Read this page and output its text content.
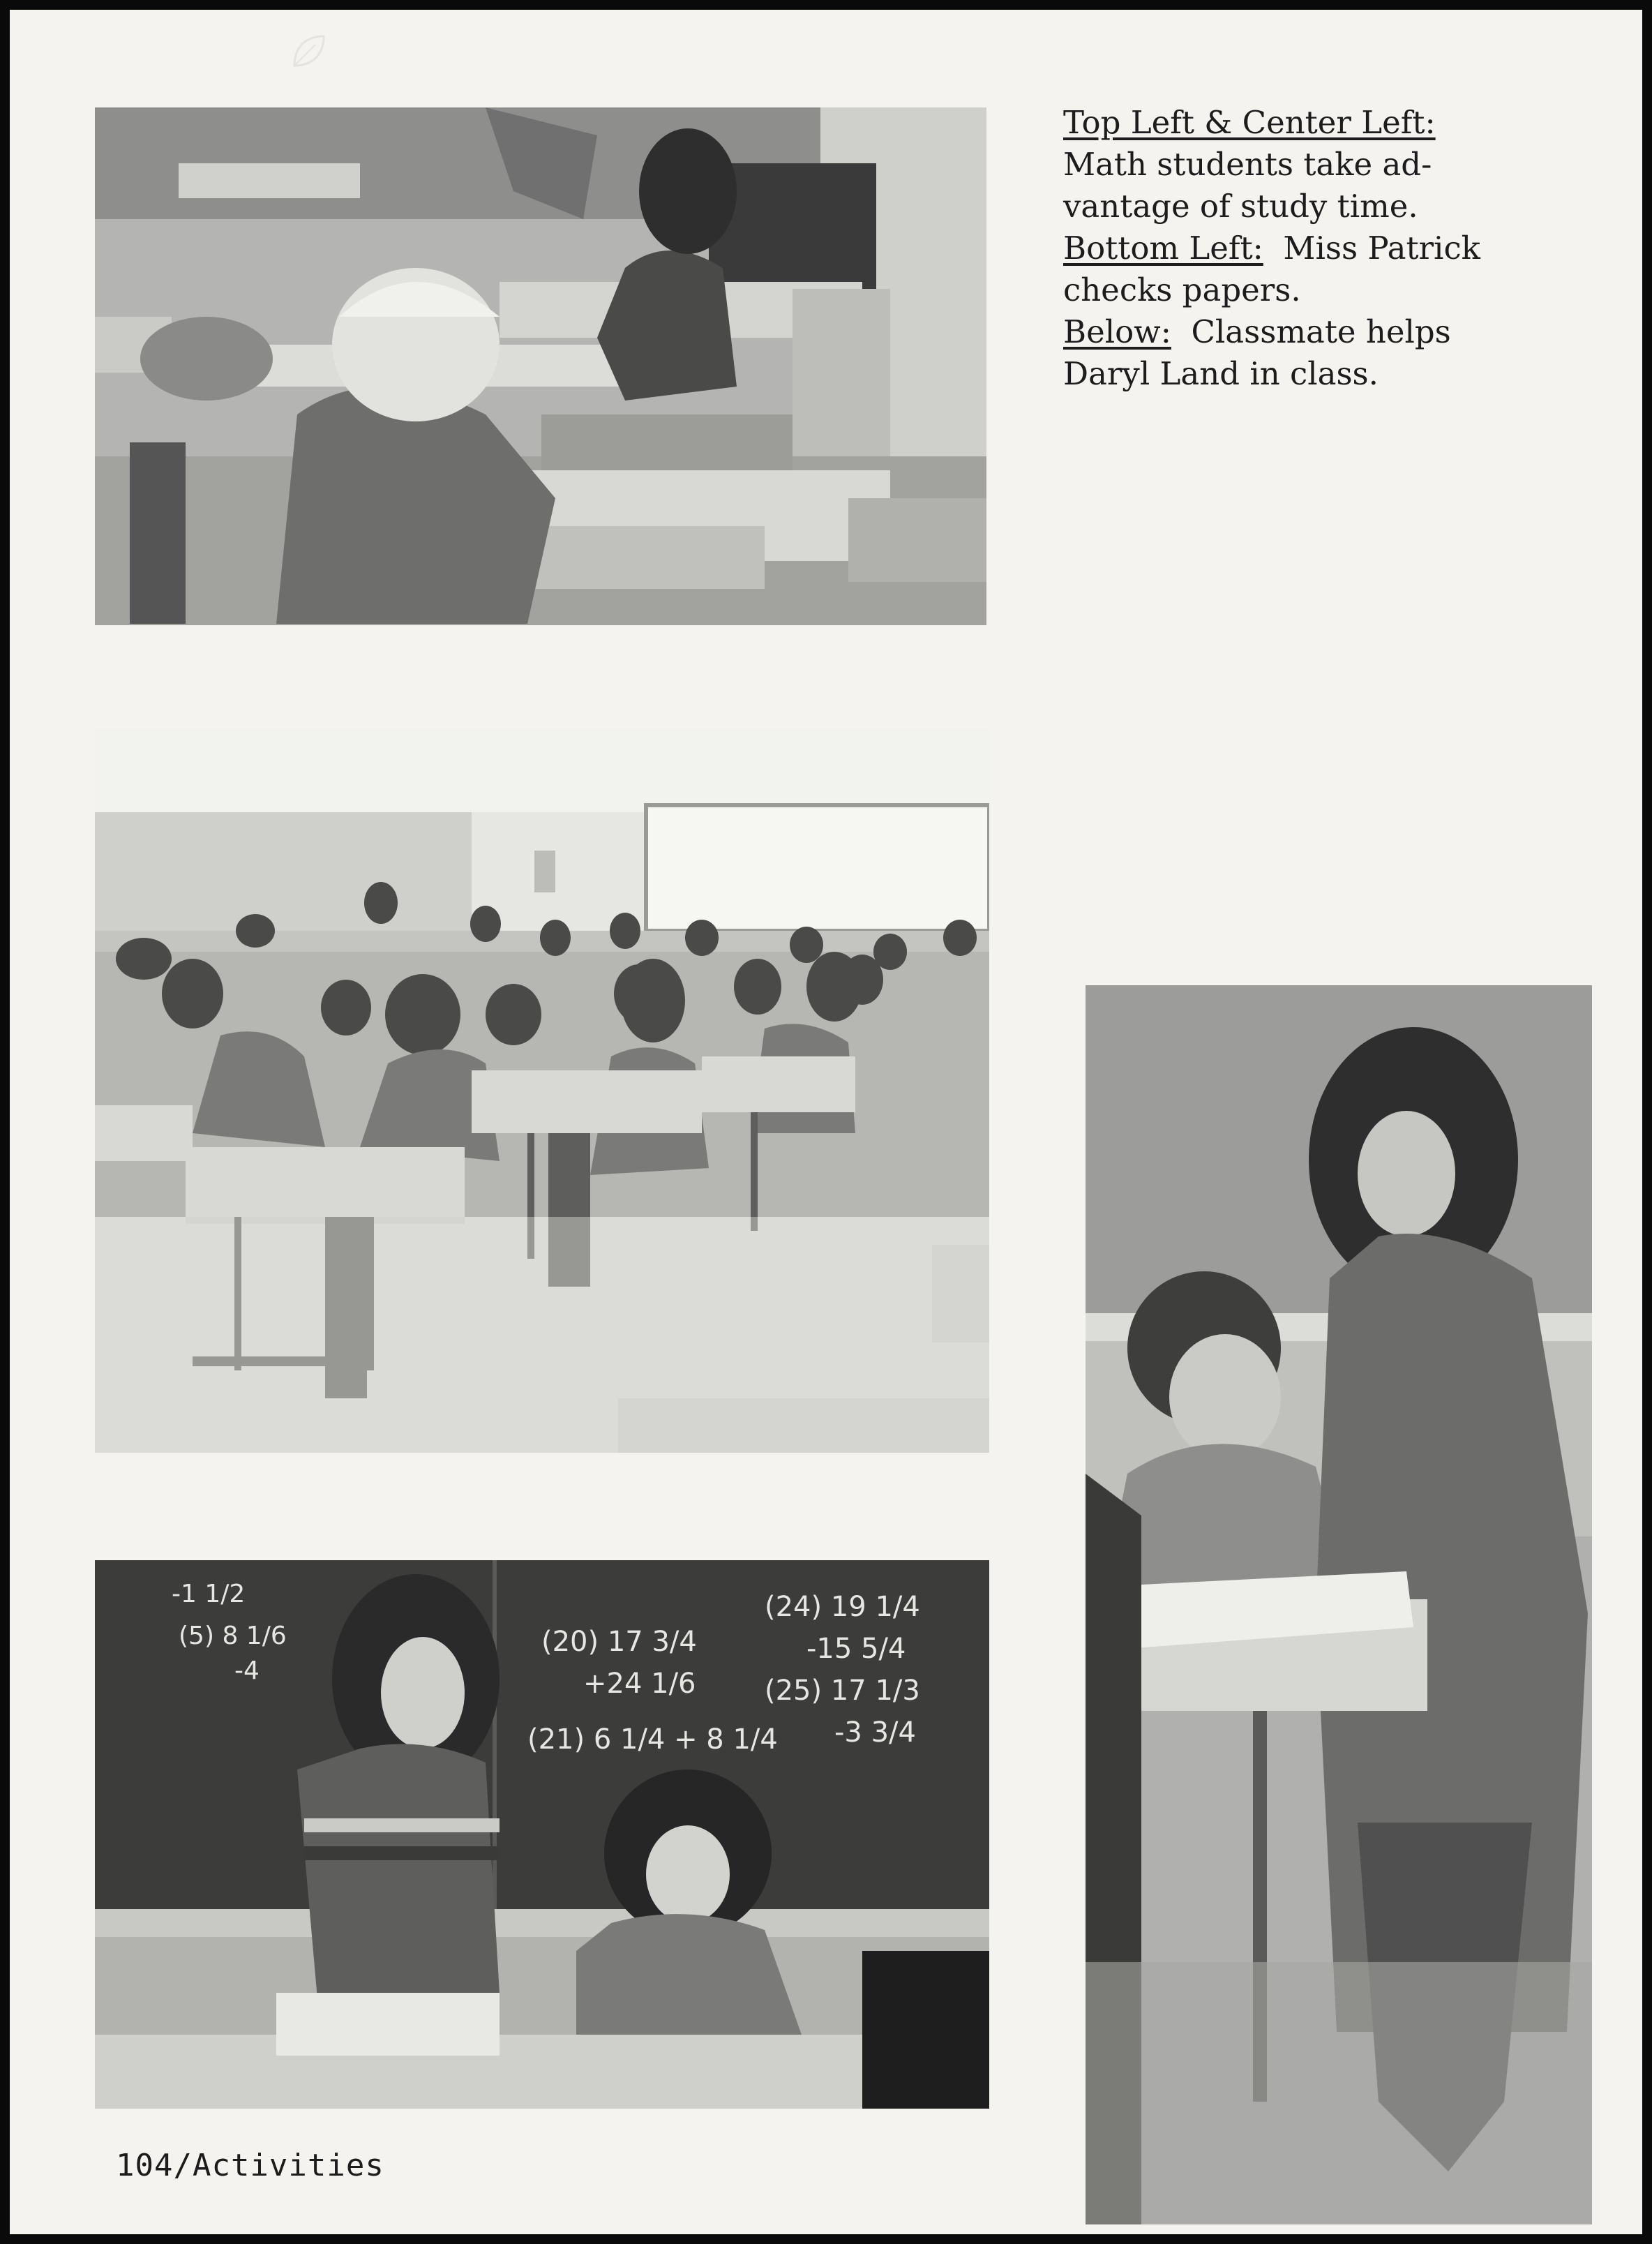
Top Left & Center Left:

Math students take ad-

vantage of study time.

Bottom Left: Miss Patrick

checks papers.

Below: Classmate helps

Daryl Land in class.

(20) 17 3/4
+24 1/6
(21) 6 1/4 + 8 1/4
(24) 19 1/4
-15 5/4
(25) 17 1/3
-3 3/4
-1 1/2
(5) 8 1/6
-4
104/Activities
